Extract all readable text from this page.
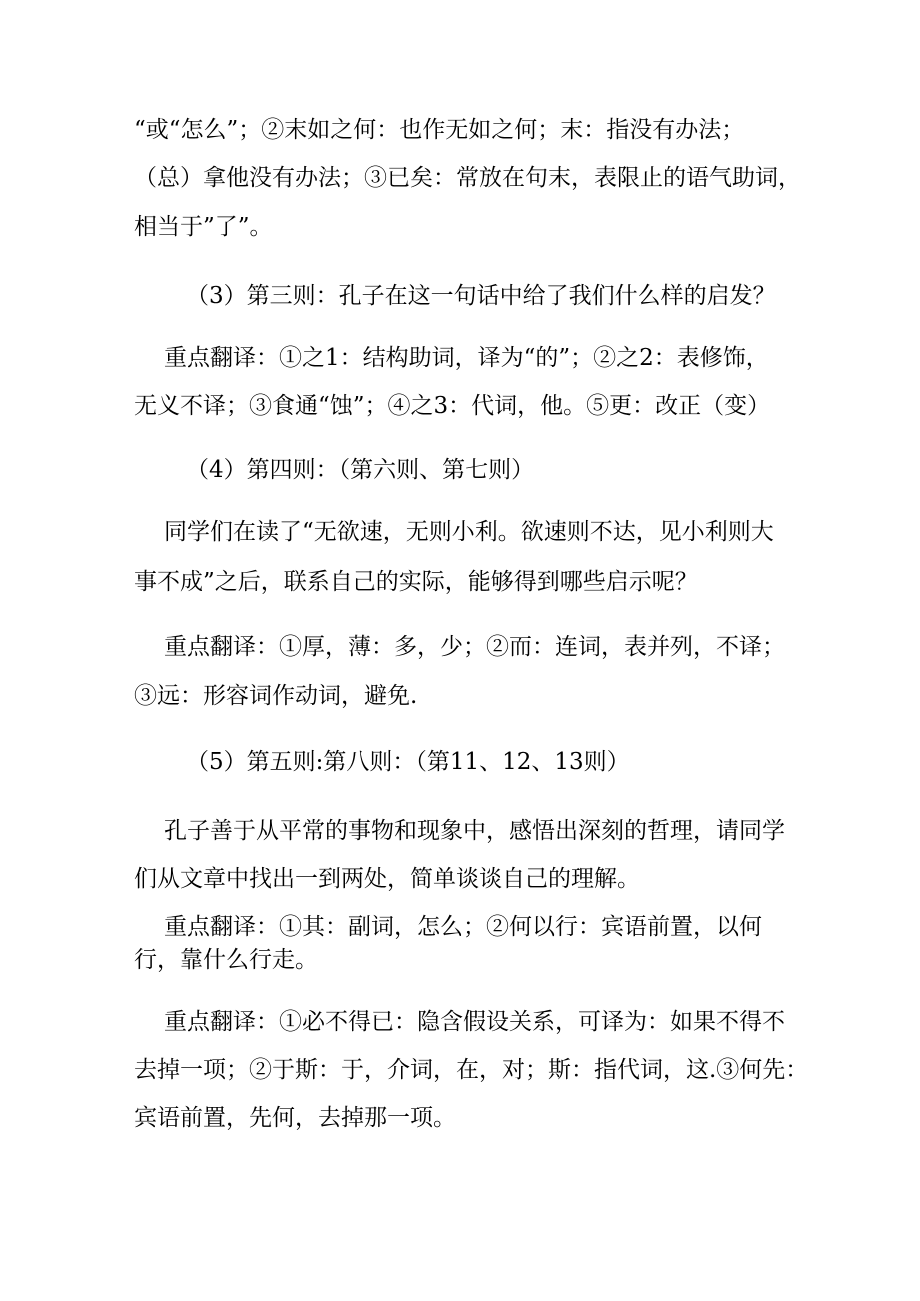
“或“怎么”；②末如之何：也作无如之何；末：指没有办法；
（总）拿他没有办法；③已矣：常放在句末，表限止的语气助词，
相当于”了”。
（3）第三则：孔子在这一句话中给了我们什么样的启发？
重点翻译：①之1：结构助词，译为“的”；②之2：表修饰，
无义不译；③食通“蚀”；④之3：代词，他。⑤更：改正（变）
（4）第四则：（第六则、第七则）
同学们在读了“无欲速，无则小利。欲速则不达，见小利则大
事不成”之后，联系自己的实际，能够得到哪些启示呢？
重点翻译：①厚，薄：多，少；②而：连词，表并列，不译；
③远：形容词作动词，避免.
（5）第五则:第八则：（第11、12、13则）
孔子善于从平常的事物和现象中，感悟出深刻的哲理，请同学
们从文章中找出一到两处，简单谈谈自己的理解。
重点翻译：①其：副词，怎么；②何以行：宾语前置，以何
行，靠什么行走。
重点翻译：①必不得已：隐含假设关系，可译为：如果不得不
去掉一项；②于斯：于，介词，在，对；斯：指代词，这.③何先：
宾语前置，先何，去掉那一项。
